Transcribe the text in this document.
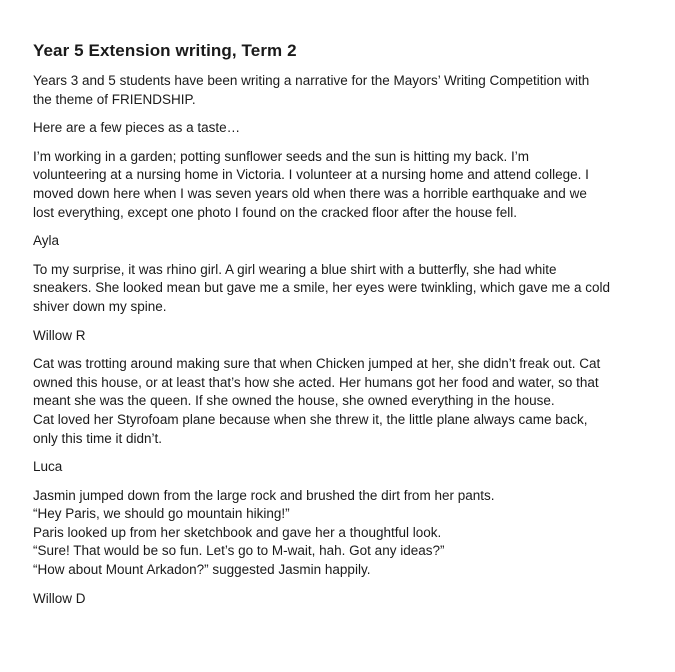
Year 5 Extension writing, Term 2

Years 3 and 5 students have been writing a narrative for the Mayors’ Writing Competition with
the theme of FRIENDSHIP.

Here are a few pieces as a taste…

I’m working in a garden; potting sunflower seeds and the sun is hitting my back. I’m
volunteering at a nursing home in Victoria. I volunteer at a nursing home and attend college. I
moved down here when I was seven years old when there was a horrible earthquake and we
lost everything, except one photo I found on the cracked floor after the house fell.

Ayla

To my surprise, it was rhino girl. A girl wearing a blue shirt with a butterfly, she had white
sneakers. She looked mean but gave me a smile, her eyes were twinkling, which gave me a cold
shiver down my spine.

Willow R

Cat was trotting around making sure that when Chicken jumped at her, she didn’t freak out. Cat
owned this house, or at least that’s how she acted. Her humans got her food and water, so that
meant she was the queen. If she owned the house, she owned everything in the house.
Cat loved her Styrofoam plane because when she threw it, the little plane always came back,
only this time it didn’t.

Luca

Jasmin jumped down from the large rock and brushed the dirt from her pants.
“Hey Paris, we should go mountain hiking!”
Paris looked up from her sketchbook and gave her a thoughtful look.
“Sure! That would be so fun. Let’s go to M-wait, hah. Got any ideas?”
“How about Mount Arkadon?” suggested Jasmin happily.

Willow D
